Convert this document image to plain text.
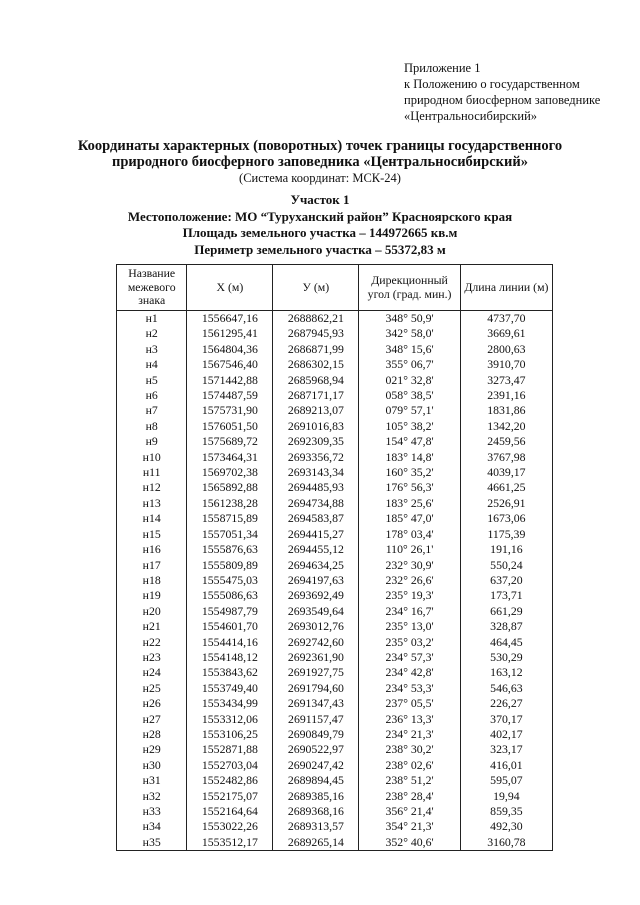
Приложение 1
к Положению о государственном
природном биосферном заповеднике
«Центральносибирский»
Координаты характерных (поворотных) точек границы государственного
природного биосферного заповедника «Центральносибирский»
(Система координат: МСК-24)
Участок 1
Местоположение: МО “Туруханский район” Красноярского края
Площадь земельного участка – 144972665 кв.м
Периметр земельного участка – 55372,83 м
Название межевого знака	X (м)	У (м)	Дирекционный угол (град. мин.)	Длина линии (м)
н1	1556647,16	2688862,21	348° 50,9'	4737,70
н2	1561295,41	2687945,93	342° 58,0'	3669,61
н3	1564804,36	2686871,99	348° 15,6'	2800,63
н4	1567546,40	2686302,15	355° 06,7'	3910,70
н5	1571442,88	2685968,94	021° 32,8'	3273,47
н6	1574487,59	2687171,17	058° 38,5'	2391,16
н7	1575731,90	2689213,07	079° 57,1'	1831,86
н8	1576051,50	2691016,83	105° 38,2'	1342,20
н9	1575689,72	2692309,35	154° 47,8'	2459,56
н10	1573464,31	2693356,72	183° 14,8'	3767,98
н11	1569702,38	2693143,34	160° 35,2'	4039,17
н12	1565892,88	2694485,93	176° 56,3'	4661,25
н13	1561238,28	2694734,88	183° 25,6'	2526,91
н14	1558715,89	2694583,87	185° 47,0'	1673,06
н15	1557051,34	2694415,27	178° 03,4'	1175,39
н16	1555876,63	2694455,12	110° 26,1'	191,16
н17	1555809,89	2694634,25	232° 30,9'	550,24
н18	1555475,03	2694197,63	232° 26,6'	637,20
н19	1555086,63	2693692,49	235° 19,3'	173,71
н20	1554987,79	2693549,64	234° 16,7'	661,29
н21	1554601,70	2693012,76	235° 13,0'	328,87
н22	1554414,16	2692742,60	235° 03,2'	464,45
н23	1554148,12	2692361,90	234° 57,3'	530,29
н24	1553843,62	2691927,75	234° 42,8'	163,12
н25	1553749,40	2691794,60	234° 53,3'	546,63
н26	1553434,99	2691347,43	237° 05,5'	226,27
н27	1553312,06	2691157,47	236° 13,3'	370,17
н28	1553106,25	2690849,79	234° 21,3'	402,17
н29	1552871,88	2690522,97	238° 30,2'	323,17
н30	1552703,04	2690247,42	238° 02,6'	416,01
н31	1552482,86	2689894,45	238° 51,2'	595,07
н32	1552175,07	2689385,16	238° 28,4'	19,94
н33	1552164,64	2689368,16	356° 21,4'	859,35
н34	1553022,26	2689313,57	354° 21,3'	492,30
н35	1553512,17	2689265,14	352° 40,6'	3160,78
